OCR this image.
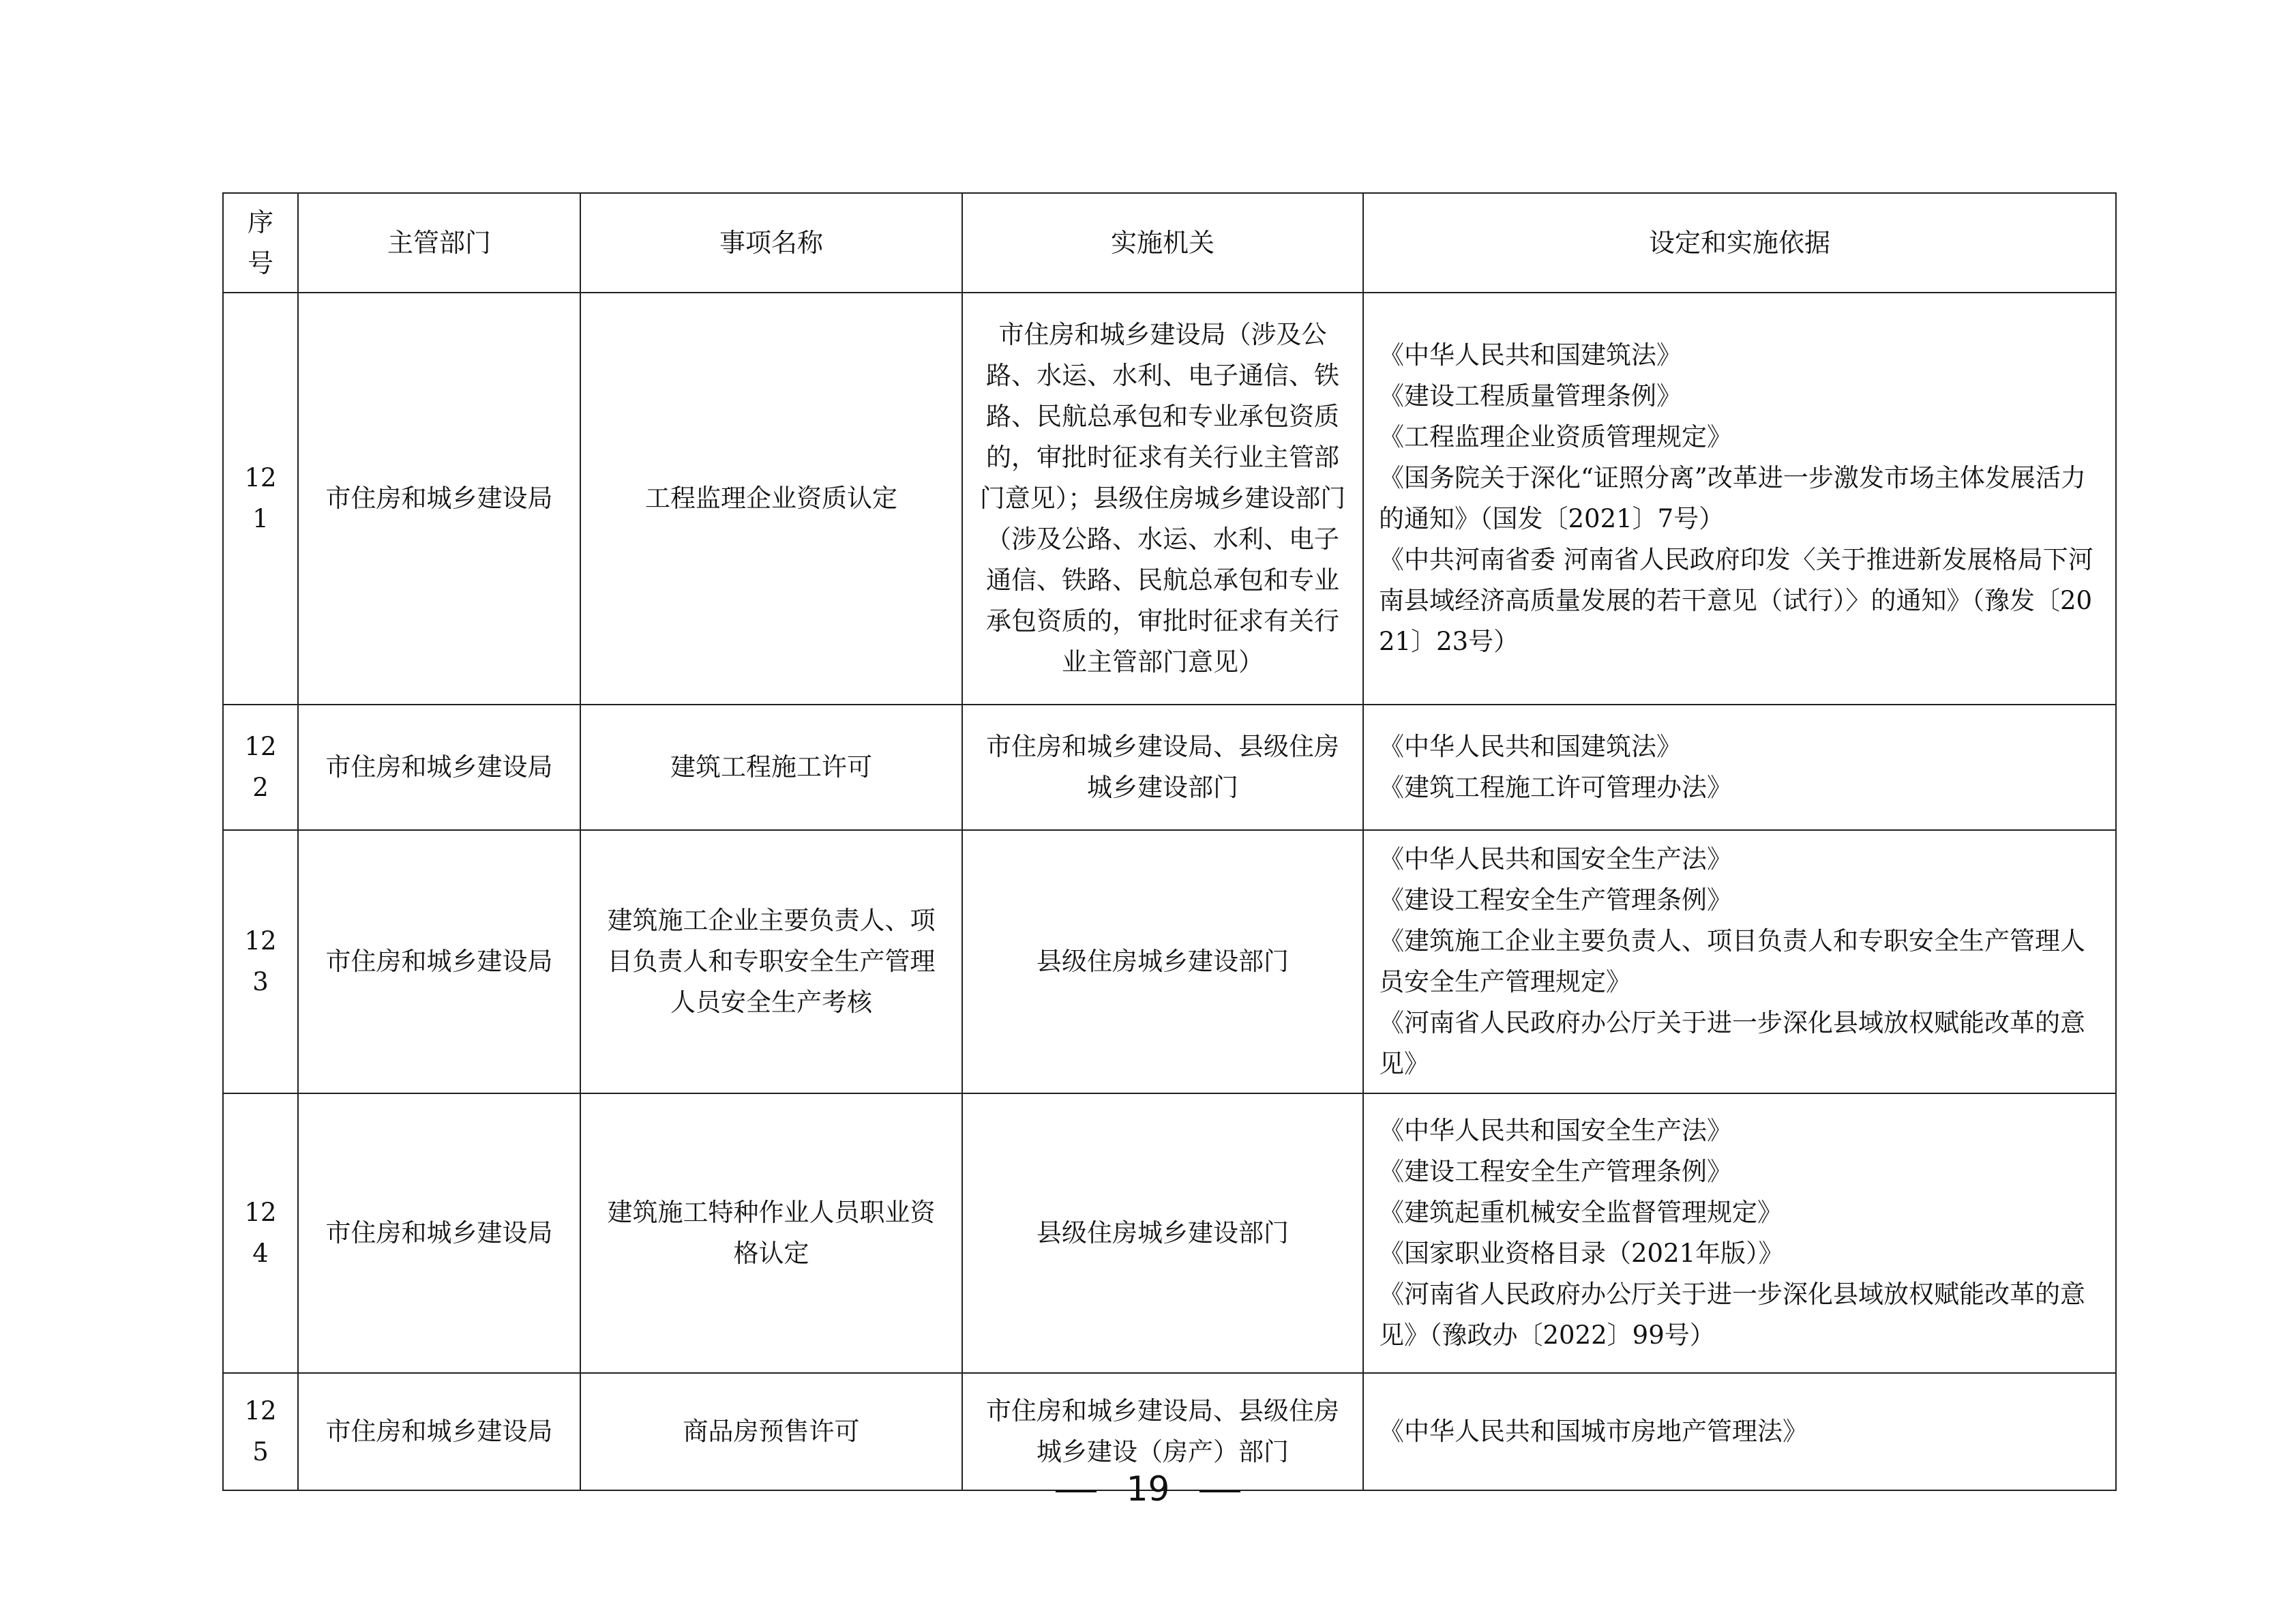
序号	主管部门	事项名称	实施机关	设定和实施依据
121	市住房和城乡建设局	工程监理企业资质认定	市住房和城乡建设局（涉及公路、水运、水利、电子通信、铁路、民航总承包和专业承包资质的，审批时征求有关行业主管部门意见）；县级住房城乡建设部门（涉及公路、水运、水利、电子通信、铁路、民航总承包和专业承包资质的，审批时征求有关行业主管部门意见）	《中华人民共和国建筑法》
《建设工程质量管理条例》
《工程监理企业资质管理规定》
《国务院关于深化“证照分离”改革进一步激发市场主体发展活力的通知》（国发〔2021〕7号）
《中共河南省委 河南省人民政府印发〈关于推进新发展格局下河南县域经济高质量发展的若干意见（试行）〉的通知》（豫发〔2021〕23号）

122	市住房和城乡建设局	建筑工程施工许可	市住房和城乡建设局、县级住房城乡建设部门	《中华人民共和国建筑法》
《建筑工程施工许可管理办法》

123	市住房和城乡建设局	建筑施工企业主要负责人、项目负责人和专职安全生产管理人员安全生产考核	县级住房城乡建设部门	《中华人民共和国安全生产法》
《建设工程安全生产管理条例》
《建筑施工企业主要负责人、项目负责人和专职安全生产管理人员安全生产管理规定》
《河南省人民政府办公厅关于进一步深化县域放权赋能改革的意见》

124	市住房和城乡建设局	建筑施工特种作业人员职业资格认定	县级住房城乡建设部门	《中华人民共和国安全生产法》
《建设工程安全生产管理条例》
《建筑起重机械安全监督管理规定》
《国家职业资格目录（2021年版）》
《河南省人民政府办公厅关于进一步深化县域放权赋能改革的意见》（豫政办〔2022〕99号）

125	市住房和城乡建设局	商品房预售许可	市住房和城乡建设局、县级住房城乡建设（房产）部门	《中华人民共和国城市房地产管理法》
19
